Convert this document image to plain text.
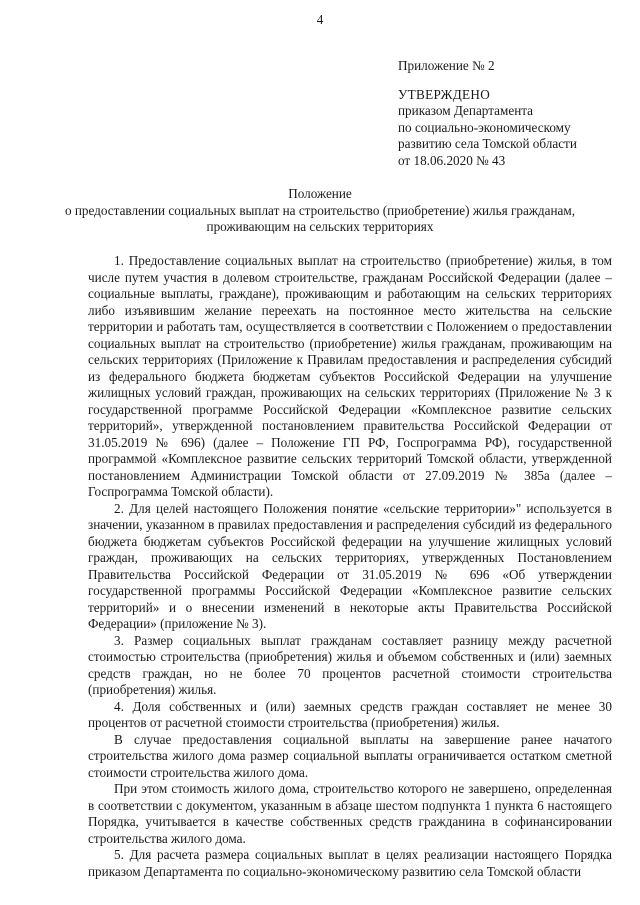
4
Приложение № 2
УТВЕРЖДЕНО
приказом Департамента
по социально-экономическому
развитию села Томской области
от 18.06.2020 № 43
Положение
о предоставлении социальных выплат на строительство (приобретение) жилья гражданам,
проживающим на сельских территориях

1. Предоставление социальных выплат на строительство (приобретение) жилья, в том числе путем участия в долевом строительстве, гражданам Российской Федерации (далее – социальные выплаты, граждане), проживающим и работающим на сельских территориях либо изъявившим желание переехать на постоянное место жительства на сельские территории и работать там, осуществляется в соответствии с Положением о предоставлении социальных выплат на строительство (приобретение) жилья гражданам, проживающим на сельских территориях (Приложение к Правилам предоставления и распределения субсидий из федерального бюджета бюджетам субъектов Российской Федерации на улучшение жилищных условий граждан, проживающих на сельских территориях (Приложение № 3 к государственной программе Российской Федерации «Комплексное развитие сельских территорий», утвержденной постановлением правительства Российской Федерации от 31.05.2019 № 696) (далее – Положение ГП РФ, Госпрограмма РФ), государственной программой «Комплексное развитие сельских территорий Томской области, утвержденной постановлением Администрации Томской области от 27.09.2019 № 385а (далее – Госпрограмма Томской области).

2. Для целей настоящего Положения понятие «сельские территории»" используется в значении, указанном в правилах предоставления и распределения субсидий из федерального бюджета бюджетам субъектов Российской федерации на улучшение жилищных условий граждан, проживающих на сельских территориях, утвержденных Постановлением Правительства Российской Федерации от 31.05.2019 № 696 «Об утверждении государственной программы Российской Федерации «Комплексное развитие сельских территорий» и о внесении изменений в некоторые акты Правительства Российской Федерации» (приложение № 3).

3. Размер социальных выплат гражданам составляет разницу между расчетной стоимостью строительства (приобретения) жилья и объемом собственных и (или) заемных средств граждан, но не более 70 процентов расчетной стоимости строительства (приобретения) жилья.

4. Доля собственных и (или) заемных средств граждан составляет не менее 30 процентов от расчетной стоимости строительства (приобретения) жилья.

В случае предоставления социальной выплаты на завершение ранее начатого строительства жилого дома размер социальной выплаты ограничивается остатком сметной стоимости строительства жилого дома.

При этом стоимость жилого дома, строительство которого не завершено, определенная в соответствии с документом, указанным в абзаце шестом подпункта 1 пункта 6 настоящего Порядка, учитывается в качестве собственных средств гражданина в софинансировании строительства жилого дома.

5. Для расчета размера социальных выплат в целях реализации настоящего Порядка приказом Департамента по социально-экономическому развитию села Томской области
